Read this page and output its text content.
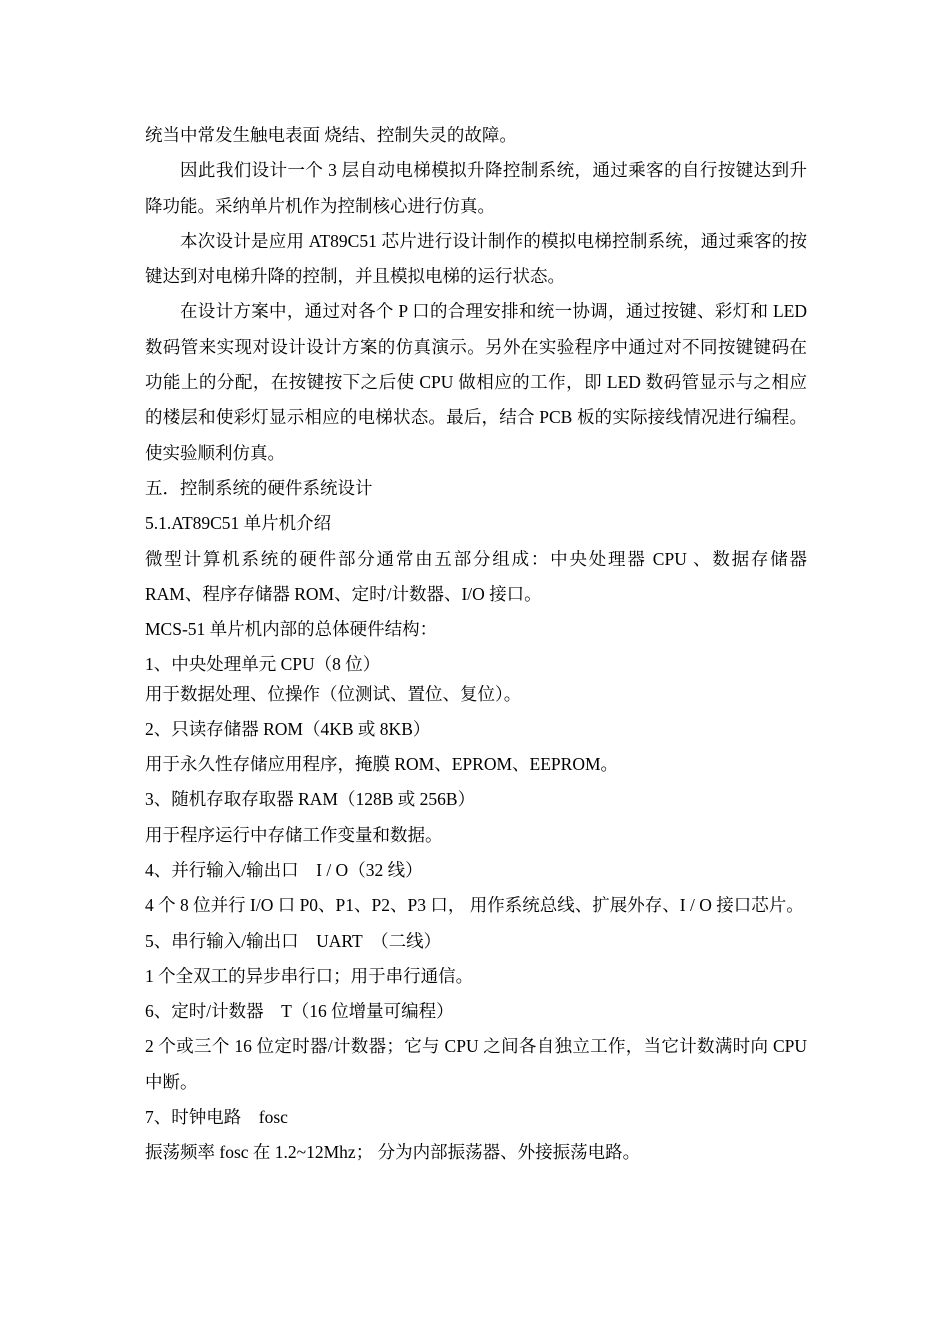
统当中常发生触电表面 烧结、控制失灵的故障。

因此我们设计一个 3 层自动电梯模拟升降控制系统，通过乘客的自行按键达到升降功能。采纳单片机作为控制核心进行仿真。

本次设计是应用 AT89C51 芯片进行设计制作的模拟电梯控制系统，通过乘客的按键达到对电梯升降的控制，并且模拟电梯的运行状态。

在设计方案中，通过对各个 P 口的合理安排和统一协调，通过按键、彩灯和 LED 数码管来实现对设计设计方案的仿真演示。另外在实验程序中通过对不同按键键码在功能上的分配，在按键按下之后使 CPU 做相应的工作，即 LED 数码管显示与之相应的楼层和使彩灯显示相应的电梯状态。最后，结合 PCB 板的实际接线情况进行编程。使实验顺利仿真。

五．控制系统的硬件系统设计

5.1.AT89C51 单片机介绍

微型计算机系统的硬件部分通常由五部分组成：中央处理器 CPU 、数据存储器 RAM、程序存储器 ROM、定时/计数器、I/O 接口。

MCS-51 单片机内部的总体硬件结构：

1、中央处理单元 CPU（8 位）

用于数据处理、位操作（位测试、置位、复位）。

2、只读存储器 ROM（4KB 或 8KB）

用于永久性存储应用程序，掩膜 ROM、EPROM、EEPROM。

3、随机存取存取器 RAM（128B 或 256B）

用于程序运行中存储工作变量和数据。

4、并行输入/输出口　I / O（32 线）

4 个 8 位并行 I/O 口 P0、P1、P2、P3 口， 用作系统总线、扩展外存、I / O 接口芯片。

5、串行输入/输出口　UART　（二线）

1 个全双工的异步串行口；用于串行通信。

6、定时/计数器　T（16 位增量可编程）

2 个或三个 16 位定时器/计数器；它与 CPU 之间各自独立工作，当它计数满时向 CPU 中断。

7、时钟电路　fosc

振荡频率 fosc 在 1.2~12Mhz； 分为内部振荡器、外接振荡电路。
